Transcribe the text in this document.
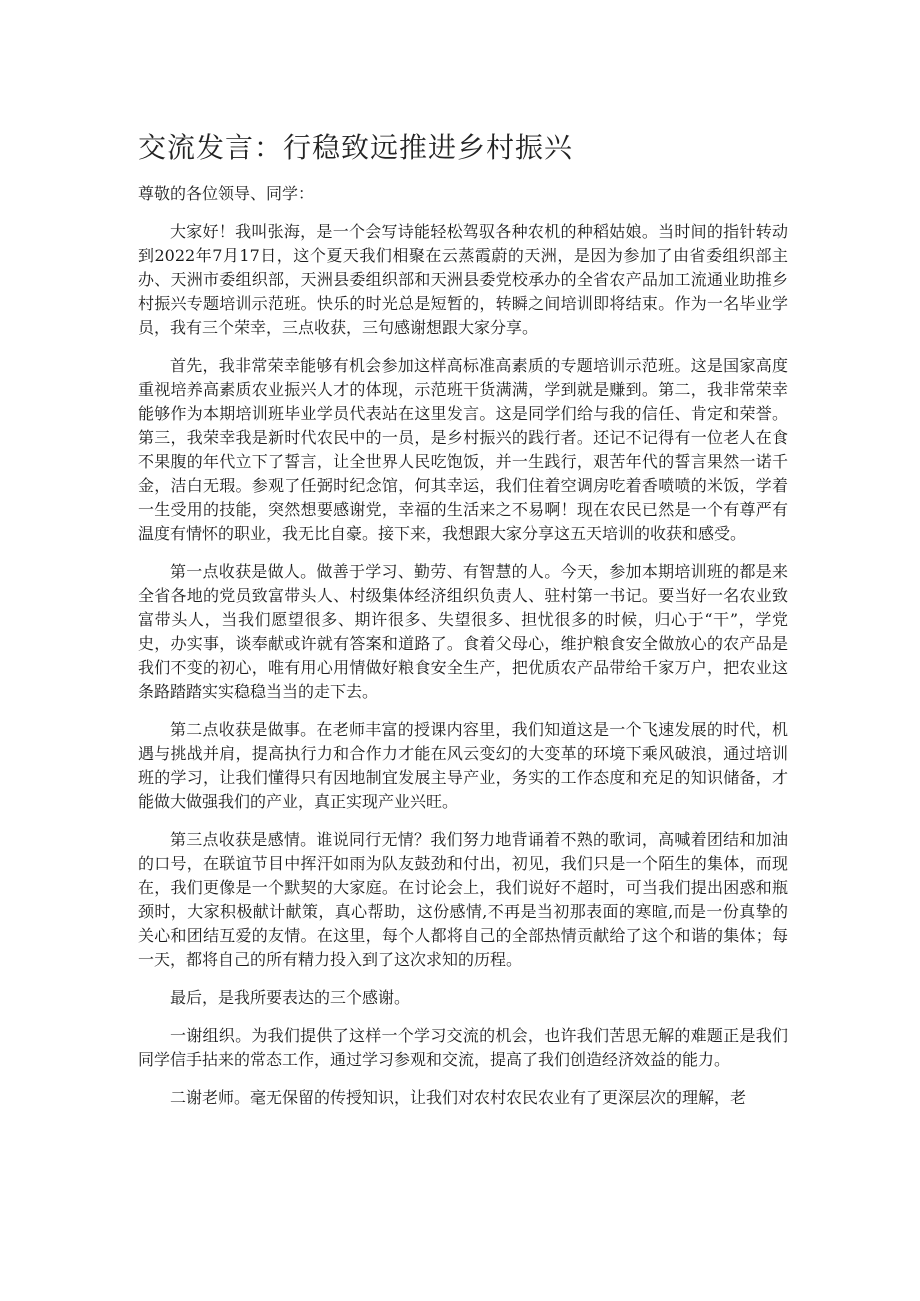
交流发言：行稳致远推进乡村振兴

尊敬的各位领导、同学：

大家好！我叫张海，是一个会写诗能轻松驾驭各种农机的种稻姑娘。当时间的指针转动到2022年7月17日，这个夏天我们相聚在云蒸霞蔚的天洲，是因为参加了由省委组织部主办、天洲市委组织部，天洲县委组织部和天洲县委党校承办的全省农产品加工流通业助推乡村振兴专题培训示范班。快乐的时光总是短暂的，转瞬之间培训即将结束。作为一名毕业学员，我有三个荣幸，三点收获，三句感谢想跟大家分享。

首先，我非常荣幸能够有机会参加这样高标准高素质的专题培训示范班。这是国家高度重视培养高素质农业振兴人才的体现，示范班干货满满，学到就是赚到。第二，我非常荣幸能够作为本期培训班毕业学员代表站在这里发言。这是同学们给与我的信任、肯定和荣誉。第三，我荣幸我是新时代农民中的一员，是乡村振兴的践行者。还记不记得有一位老人在食不果腹的年代立下了誓言，让全世界人民吃饱饭，并一生践行，艰苦年代的誓言果然一诺千金，洁白无瑕。参观了任弼时纪念馆，何其幸运，我们住着空调房吃着香喷喷的米饭，学着一生受用的技能，突然想要感谢党，幸福的生活来之不易啊！现在农民已然是一个有尊严有温度有情怀的职业，我无比自豪。接下来，我想跟大家分享这五天培训的收获和感受。

第一点收获是做人。做善于学习、勤劳、有智慧的人。今天，参加本期培训班的都是来全省各地的党员致富带头人、村级集体经济组织负责人、驻村第一书记。要当好一名农业致富带头人，当我们愿望很多、期许很多、失望很多、担忧很多的时候，归心于“干”，学党史，办实事，谈奉献或许就有答案和道路了。食着父母心，维护粮食安全做放心的农产品是我们不变的初心，唯有用心用情做好粮食安全生产，把优质农产品带给千家万户，把农业这条路踏踏实实稳稳当当的走下去。

第二点收获是做事。在老师丰富的授课内容里，我们知道这是一个飞速发展的时代，机遇与挑战并肩，提高执行力和合作力才能在风云变幻的大变革的环境下乘风破浪，通过培训班的学习，让我们懂得只有因地制宜发展主导产业，务实的工作态度和充足的知识储备，才能做大做强我们的产业，真正实现产业兴旺。

第三点收获是感情。谁说同行无情？我们努力地背诵着不熟的歌词，高喊着团结和加油的口号，在联谊节目中挥汗如雨为队友鼓劲和付出，初见，我们只是一个陌生的集体，而现在，我们更像是一个默契的大家庭。在讨论会上，我们说好不超时，可当我们提出困惑和瓶颈时，大家积极献计献策，真心帮助，这份感情,不再是当初那表面的寒暄,而是一份真挚的关心和团结互爱的友情。在这里，每个人都将自己的全部热情贡献给了这个和谐的集体；每一天，都将自己的所有精力投入到了这次求知的历程。

最后，是我所要表达的三个感谢。

一谢组织。为我们提供了这样一个学习交流的机会，也许我们苦思无解的难题正是我们同学信手拈来的常态工作，通过学习参观和交流，提高了我们创造经济效益的能力。

二谢老师。毫无保留的传授知识，让我们对农村农民农业有了更深层次的理解，老
